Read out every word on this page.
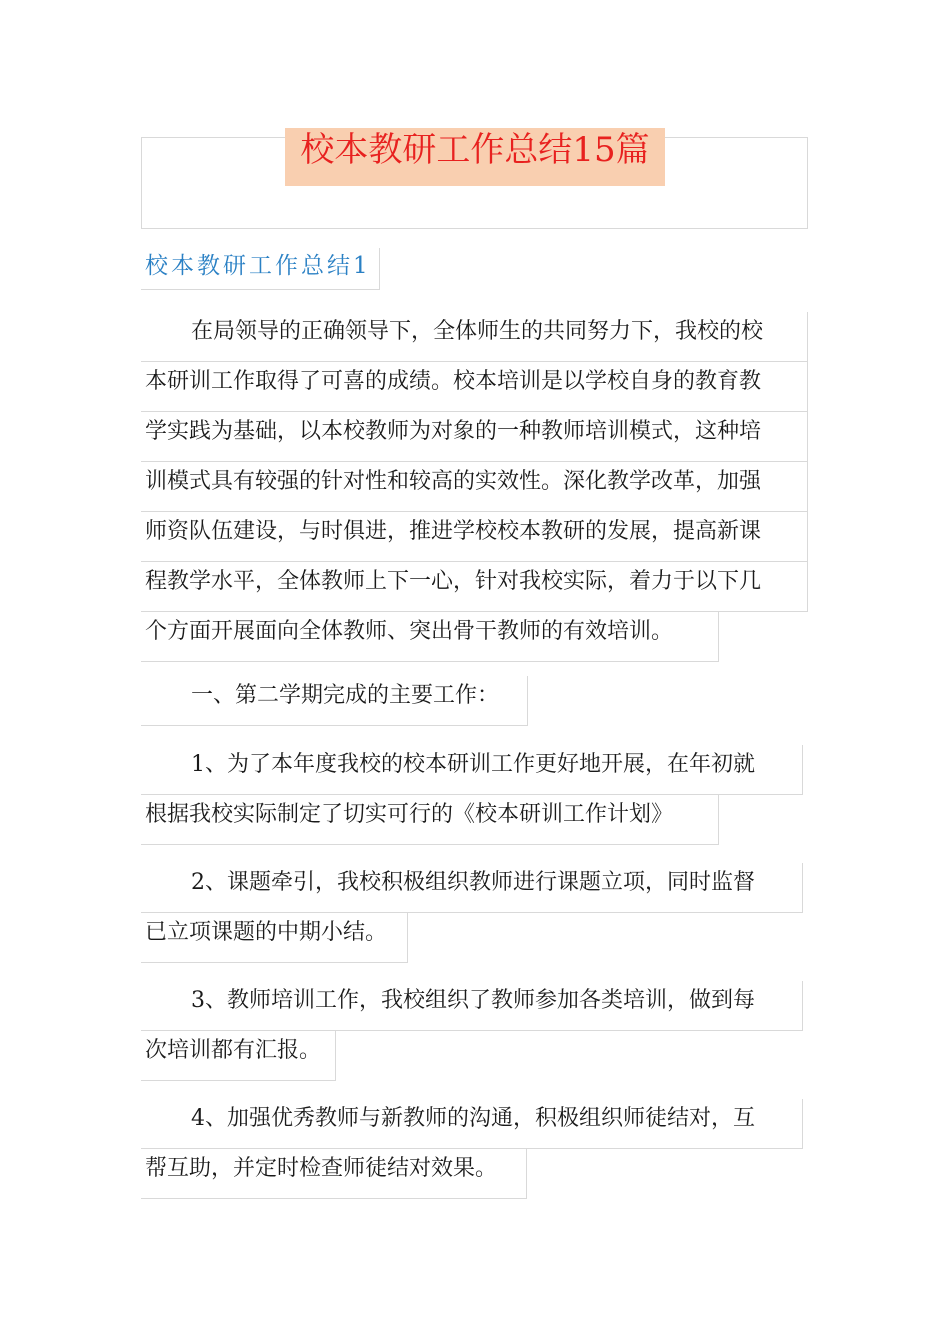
校本教研工作总结15篇
校本教研工作总结1
在局领导的正确领导下，全体师生的共同努力下，我校的校
本研训工作取得了可喜的成绩。校本培训是以学校自身的教育教
学实践为基础，以本校教师为对象的一种教师培训模式，这种培
训模式具有较强的针对性和较高的实效性。深化教学改革，加强
师资队伍建设，与时俱进，推进学校校本教研的发展，提高新课
程教学水平，全体教师上下一心，针对我校实际，着力于以下几
个方面开展面向全体教师、突出骨干教师的有效培训。
一、第二学期完成的主要工作：
1、为了本年度我校的校本研训工作更好地开展，在年初就
根据我校实际制定了切实可行的《校本研训工作计划》
2、课题牵引，我校积极组织教师进行课题立项，同时监督
已立项课题的中期小结。
3、教师培训工作，我校组织了教师参加各类培训，做到每
次培训都有汇报。
4、加强优秀教师与新教师的沟通，积极组织师徒结对，互
帮互助，并定时检查师徒结对效果。
